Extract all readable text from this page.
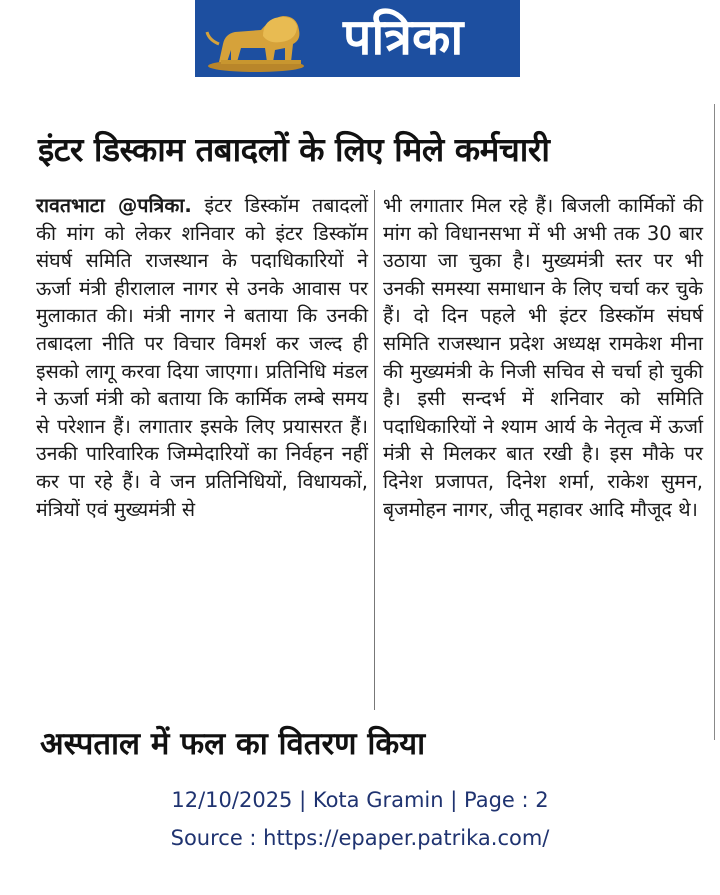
पत्रिका
इंटर डिस्काम तबादलों के लिए मिले कर्मचारी
रावतभाटा @पत्रिका. इंटर डिस्कॉम तबादलों की मांग को लेकर शनिवार को इंटर डिस्कॉम संघर्ष समिति राजस्थान के पदाधिकारियों ने ऊर्जा मंत्री हीरालाल नागर से उनके आवास पर मुलाकात की। मंत्री नागर ने बताया कि उनकी तबादला नीति पर विचार विमर्श कर जल्द ही इसको लागू करवा दिया जाएगा। प्रतिनिधि मंडल ने ऊर्जा मंत्री को बताया कि कार्मिक लम्बे समय से परेशान हैं। लगातार इसके लिए प्रयासरत हैं। उनकी पारिवारिक जिम्मेदारियों का निर्वहन नहीं कर पा रहे हैं। वे जन प्रतिनिधियों, विधायकों, मंत्रियों एवं मुख्यमंत्री से
भी लगातार मिल रहे हैं। बिजली कार्मिकों की मांग को विधानसभा में भी अभी तक 30 बार उठाया जा चुका है। मुख्यमंत्री स्तर पर भी उनकी समस्या समाधान के लिए चर्चा कर चुके हैं। दो दिन पहले भी इंटर डिस्कॉम संघर्ष समिति राजस्थान प्रदेश अध्यक्ष रामकेश मीना की मुख्यमंत्री के निजी सचिव से चर्चा हो चुकी है। इसी सन्दर्भ में शनिवार को समिति पदाधिकारियों ने श्याम आर्य के नेतृत्व में ऊर्जा मंत्री से मिलकर बात रखी है। इस मौके पर दिनेश प्रजापत, दिनेश शर्मा, राकेश सुमन, बृजमोहन नागर, जीतू महावर आदि मौजूद थे।
अस्पताल में फल का वितरण किया
12/10/2025 | Kota Gramin | Page : 2
Source : https://epaper.patrika.com/
